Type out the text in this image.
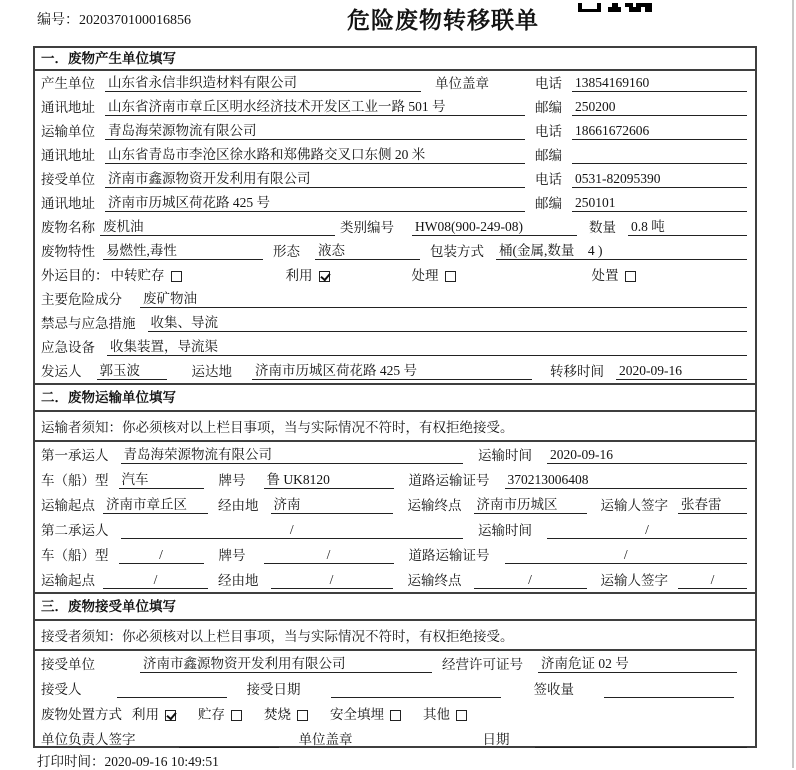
编号：2020370100016856	危险废物转移联单
一．废物产生单位填写
产生单位 山东省永信非织造材料有限公司	单位盖章	电话 13854169160
通讯地址 山东省济南市章丘区明水经济技术开发区工业一路 501 号	邮编 250200
运输单位 青岛海荣源物流有限公司	电话 18661672606
通讯地址 山东省青岛市李沧区徐水路和郑佛路交叉口东侧 20 米	邮编
接受单位 济南市鑫源物资开发利用有限公司	电话 0531-82095390
通讯地址 济南市历城区荷花路 425 号	邮编 250101
废物名称 废机油	类别编号 HW08(900-249-08)	数量 0.8 吨
废物特性 易燃性,毒性	形态 液态	包装方式 桶(金属,数量　4 )
外运目的： 中转贮存	利用	处理	处置
主要危险成分 废矿物油
禁忌与应急措施 收集、导流
应急设备 收集装置，导流渠
发运人 郭玉波	运达地 济南市历城区荷花路 425 号	转移时间 2020-09-16
二．废物运输单位填写
运输者须知： 你必须核对以上栏目事项，当与实际情况不符时，有权拒绝接受。
第一承运人 青岛海荣源物流有限公司	运输时间 2020-09-16
车（船）型 汽车	牌号 鲁 UK8120	道路运输证号 370213006408
运输起点 济南市章丘区	经由地 济南	运输终点 济南市历城区	运输人签字 张春雷
第二承运人	/	运输时间	/
车（船）型	/	牌号	/	道路运输证号	/
运输起点	/	经由地	/	运输终点	/	运输人签字	/
三．废物接受单位填写
接受者须知： 你必须核对以上栏目事项，当与实际情况不符时，有权拒绝接受。
接受单位	济南市鑫源物资开发利用有限公司	经营许可证号 济南危证 02 号
接受人	接受日期	签收量
废物处置方式 利用	贮存	焚烧	安全填埋	其他
单位负责人签字	单位盖章	日期
打印时间：2020-09-16 10:49:51
